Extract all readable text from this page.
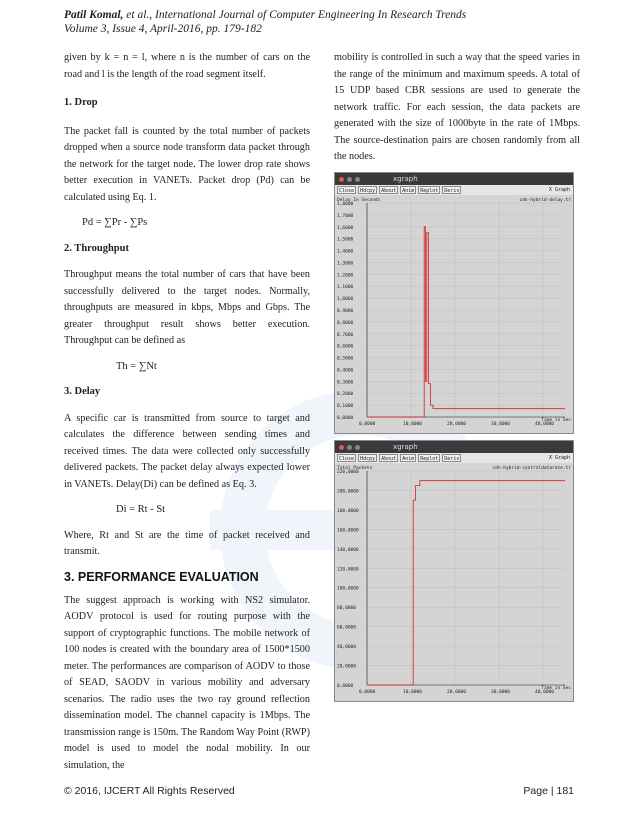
Patil Komal, et al., International Journal of Computer Engineering In Research Trends
Volume 3, Issue 4, April-2016, pp. 179-182

given by k = n = l, where n is the number of cars on the road and l is the length of the road segment itself.

1. Drop

The packet fall is counted by the total number of packets dropped when a source node transform data packet through the network for the target node. The lower drop rate shows better execution in VANETs. Packet drop (Pd) can be calculated using Eq. 1.

Pd = ∑Pr - ∑Ps
2. Throughput

Throughput means the total number of cars that have been successfully delivered to the target nodes. Normally, throughputs are measured in kbps, Mbps and Gbps. The greater throughput result shows better execution. Throughput can be defined as

Th = ∑Nt
3. Delay

A specific car is transmitted from source to target and calculates the difference between sending times and received times. The data were collected only successfully delivered packets. The packet delay always expected lower in VANETs. Delay(Di) can be defined as Eq. 3.

Di = Rt - St

Where, Rt and St are the time of packet received and transmit.

3. PERFORMANCE EVALUATION

The suggest approach is working with NS2 simulator. AODV protocol is used for routing purpose with the support of cryptographic functions. The mobile network of 100 nodes is created with the boundary area of 1500*1500 meter. The performances are comparison of AODV to those of SEAD, SAODV in various mobility and adversary scenarios. The radio uses the two ray ground reflection dissemination model. The channel capacity is 1Mbps. The transmission range is 150m. The Random Way Point (RWP) model is used to model the nodal mobility. In our simulation, the

mobility is controlled in such a way that the speed varies in the range of the minimum and maximum speeds. A total of 15 UDP based CBR sessions are used to generate the network traffic. For each session, the data packets are generated with the size of 1000byte in the rate of 1Mbps. The source-destination pairs are chosen randomly from all the nodes.

xgraph
Close	Hdcpy	About	Anim	Replot	Deriv	X Graph
Delay In Seconds
0,0000
0,1000
0,2000
0,3000
0,4000
0,5000
0,6000
0,7000
0,8000
0,9000
1,0000
1,1000
1,2000
1,3000
1,4000
1,5000
1,6000
1,7000
1,8000
0,0000	10,0000	20,0000	30,0000	40,0000
Time in Sec
cdn-hybrid-delay.tr
xgraph
Close	Hdcpy	About	Anim	Replot	Deriv	X Graph
Total Packets
0,0000
20,0000
40,0000
60,0000
80,0000
100,0000
120,0000
140,0000
160,0000
180,0000
200,0000
220,0000
0,0000	10,0000	20,0000	30,0000	40,0000
Time in Sec
cdn-hybrid-controldatarate.tr
© 2016, IJCERT All Rights Reserved	Page | 181
